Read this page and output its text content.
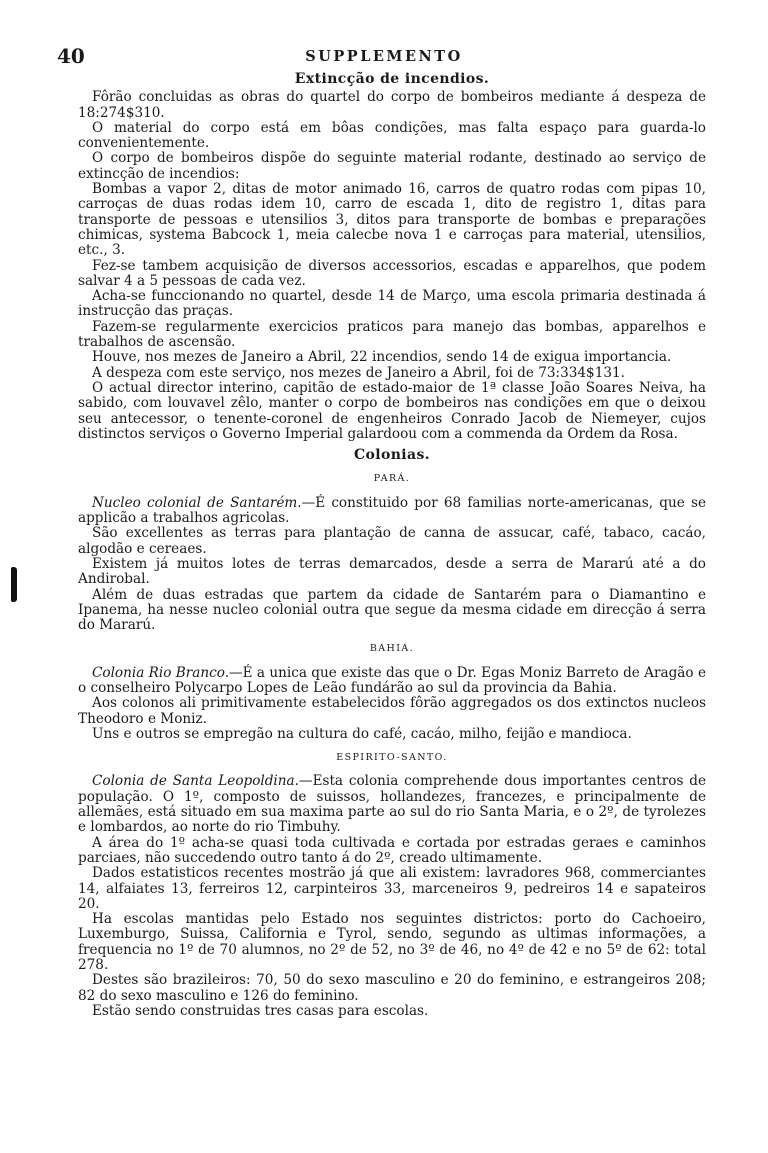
40	SUPPLEMENTO
Extincção de incendios.

Fôrão concluidas as obras do quartel do corpo de bombeiros mediante á despeza de 18:274$310.

O material do corpo está em bôas condições, mas falta espaço para guarda-lo convenientemente.

O corpo de bombeiros dispõe do seguinte material rodante, destinado ao serviço de extincção de incendios:

Bombas a vapor 2, ditas de motor animado 16, carros de quatro rodas com pipas 10, carroças de duas rodas idem 10, carro de escada 1, dito de registro 1, ditas para transporte de pessoas e utensilios 3, ditos para transporte de bombas e preparações chimicas, systema Babcock 1, meia calecbe nova 1 e carroças para material, utensilios, etc., 3.

Fez-se tambem acquisição de diversos accessorios, escadas e apparelhos, que podem salvar 4 a 5 pessoas de cada vez.

Acha-se funccionando no quartel, desde 14 de Março, uma escola primaria destinada á instrucção das praças.

Fazem-se regularmente exercicios praticos para manejo das bombas, apparelhos e trabalhos de ascensão.

Houve, nos mezes de Janeiro a Abril, 22 incendios, sendo 14 de exigua importancia.

A despeza com este serviço, nos mezes de Janeiro a Abril, foi de 73:334$131.

O actual director interino, capitão de estado-maior de 1ª classe João Soares Neiva, ha sabido, com louvavel zêlo, manter o corpo de bombeiros nas condições em que o deixou seu antecessor, o tenente-coronel de engenheiros Conrado Jacob de Niemeyer, cujos distinctos serviços o Governo Imperial galardoou com a commenda da Ordem da Rosa.

Colonias.
PARÁ.

Nucleo colonial de Santarém.—É constituido por 68 familias norte-americanas, que se applicão a trabalhos agricolas.

São excellentes as terras para plantação de canna de assucar, café, tabaco, cacáo, algodão e cereaes.

Existem já muitos lotes de terras demarcados, desde a serra de Mararú até a do Andirobal.

Além de duas estradas que partem da cidade de Santarém para o Diamantino e Ipanema, ha nesse nucleo colonial outra que segue da mesma cidade em direcção á serra do Mararú.

BAHIA.

Colonia Rio Branco.—É a unica que existe das que o Dr. Egas Moniz Barreto de Aragão e o conselheiro Polycarpo Lopes de Leão fundárão ao sul da provincia da Bahia.

Aos colonos ali primitivamente estabelecidos fôrão aggregados os dos extinctos nucleos Theodoro e Moniz.

Uns e outros se empregão na cultura do café, cacáo, milho, feijão e mandioca.

ESPIRITO-SANTO.

Colonia de Santa Leopoldina.—Esta colonia comprehende dous importantes centros de população. O 1º, composto de suissos, hollandezes, francezes, e principalmente de allemães, está situado em sua maxima parte ao sul do rio Santa Maria, e o 2º, de tyrolezes e lombardos, ao norte do rio Timbuhy.

A área do 1º acha-se quasi toda cultivada e cortada por estradas geraes e caminhos parciaes, não succedendo outro tanto á do 2º, creado ultimamente.

Dados estatisticos recentes mostrão já que ali existem: lavradores 968, commerciantes 14, alfaiates 13, ferreiros 12, carpinteiros 33, marceneiros 9, pedreiros 14 e sapateiros 20.

Ha escolas mantidas pelo Estado nos seguintes districtos: porto do Cachoeiro, Luxemburgo, Suissa, California e Tyrol, sendo, segundo as ultimas informações, a frequencia no 1º de 70 alumnos, no 2º de 52, no 3º de 46, no 4º de 42 e no 5º de 62: total 278.

Destes são brazileiros: 70, 50 do sexo masculino e 20 do feminino, e estrangeiros 208; 82 do sexo masculino e 126 do feminino.

Estão sendo construidas tres casas para escolas.
